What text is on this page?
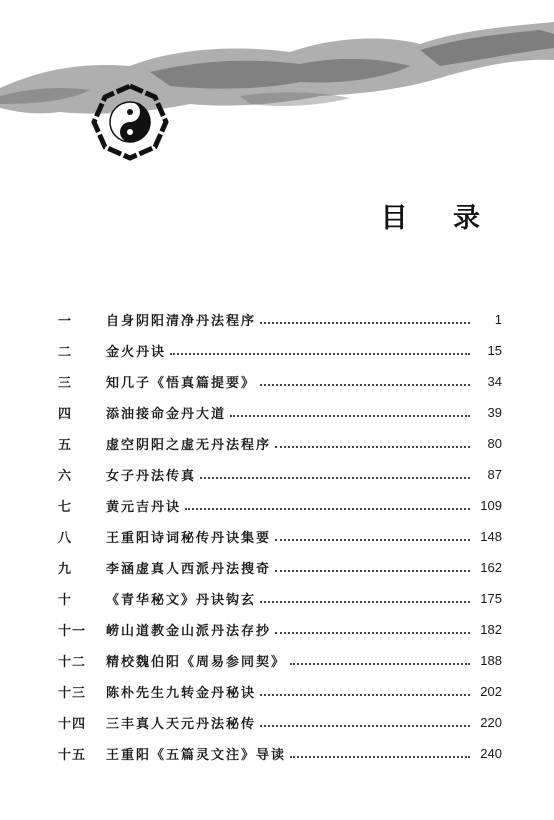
目 录
一	自身阴阳清净丹法程序	1
二	金火丹诀	15
三	知几子《悟真篇提要》	34
四	添油接命金丹大道	39
五	虚空阴阳之虚无丹法程序	80
六	女子丹法传真	87
七	黄元吉丹诀	109
八	王重阳诗词秘传丹诀集要	148
九	李涵虚真人西派丹法搜奇	162
十	《青华秘文》丹诀钩玄	175
十一	崂山道教金山派丹法存抄	182
十二	精校魏伯阳《周易参同契》	188
十三	陈朴先生九转金丹秘诀	202
十四	三丰真人天元丹法秘传	220
十五	王重阳《五篇灵文注》导读	240
